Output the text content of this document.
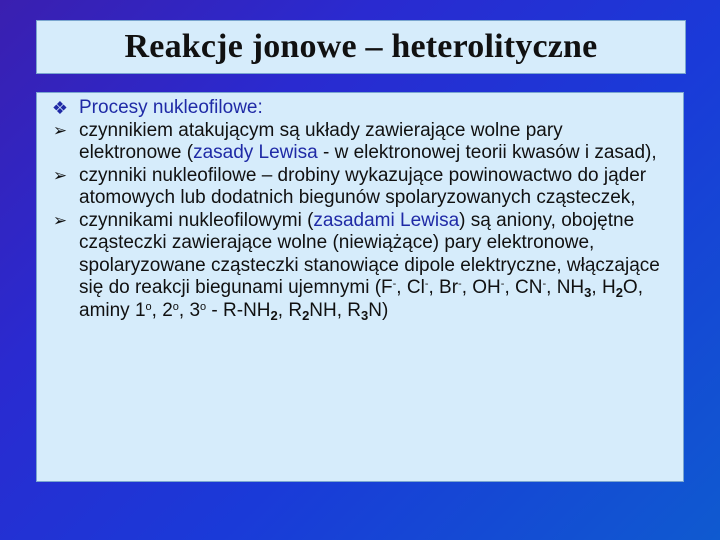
Reakcje jonowe – heterolityczne
❖ Procesy nukleofilowe:
➢ czynnikiem atakującym są układy zawierające wolne pary elektronowe (zasady Lewisa - w elektronowej teorii kwasów i zasad),
➢ czynniki nukleofilowe – drobiny wykazujące powinowactwo do jąder atomowych lub dodatnich biegunów spolaryzowanych cząsteczek,
➢ czynnikami nukleofilowymi (zasadami Lewisa) są aniony, obojętne cząsteczki zawierające wolne (niewiążące) pary elektronowe, spolaryzowane cząsteczki stanowiące dipole elektryczne, włączające się do reakcji biegunami ujemnymi (F-, Cl-, Br-, OH-, CN-, $NH_3$, $H_2O$,
aminy 1$^o$, 2$^o$, $3^o - R-NH_2$, $R_2NH$, $R_3N$)
